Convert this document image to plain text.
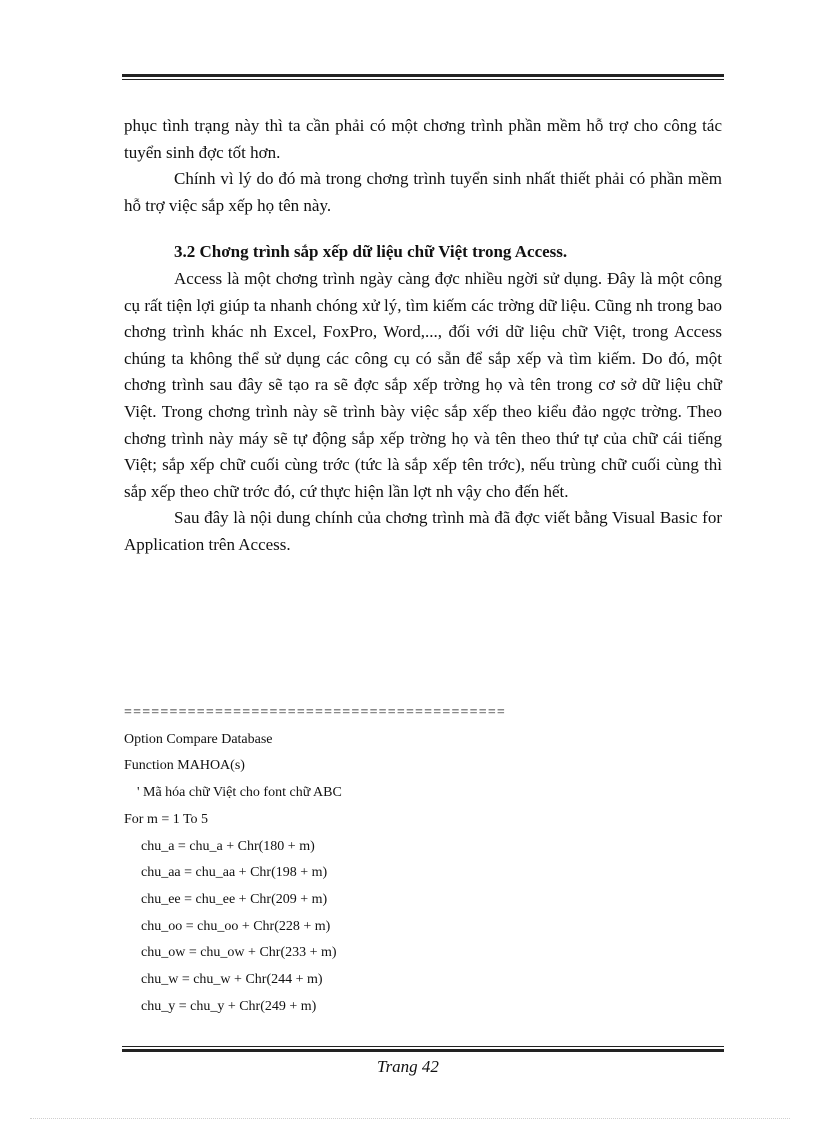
phục tình trạng này thì ta cần phải có một chơng trình phần mềm hỗ trợ cho công tác tuyển sinh đợc tốt hơn.

Chính vì lý do đó mà trong chơng trình tuyển sinh nhất thiết phải có phần mềm hỗ trợ việc sắp xếp họ tên này.

3.2 Chơng trình sắp xếp dữ liệu chữ Việt trong Access.

Access là một chơng trình ngày càng đợc nhiều ngời sử dụng. Đây là một công cụ rất tiện lợi giúp ta nhanh chóng xử lý, tìm kiếm các trờng dữ liệu. Cũng nh trong bao chơng trình khác nh Excel, FoxPro, Word,..., đối với dữ liệu chữ Việt, trong Access chúng ta không thể sử dụng các công cụ có sẵn để sắp xếp và tìm kiếm. Do đó, một chơng trình sau đây sẽ tạo ra sẽ đợc sắp xếp trờng họ và tên trong cơ sở dữ liệu chữ Việt. Trong chơng trình này sẽ trình bày việc sắp xếp theo kiểu đảo ngợc trờng. Theo chơng trình này máy sẽ tự động sắp xếp trờng họ và tên theo thứ tự của chữ cái tiếng Việt; sắp xếp chữ cuối cùng trớc (tức là sắp xếp tên trớc), nếu trùng chữ cuối cùng thì sắp xếp theo chữ trớc đó, cứ thực hiện lần lợt nh vậy cho đến hết.

Sau đây là nội dung chính của chơng trình mà đã đợc viết bằng Visual Basic for Application trên Access.

==========================================
Option Compare Database
Function MAHOA(s)
' Mã hóa chữ Việt cho font chữ ABC
For m = 1 To 5
chu_a = chu_a + Chr(180 + m)
chu_aa = chu_aa + Chr(198 + m)
chu_ee = chu_ee + Chr(209 + m)
chu_oo = chu_oo + Chr(228 + m)
chu_ow = chu_ow + Chr(233 + m)
chu_w = chu_w + Chr(244 + m)
chu_y = chu_y + Chr(249 + m)
Trang 42
